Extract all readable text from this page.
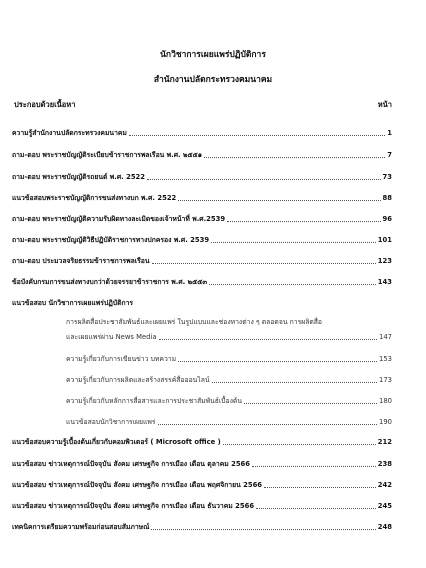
นักวิชาการเผยแพร่ปฏิบัติการ
สำนักงานปลัดกระทรวงคมนาคม
ประกอบด้วยเนื้อหา	หน้า
ความรู้สำนักงานปลัดกระทรวงคมนาคม	1
ถาม-ตอบ พระราชบัญญัติระเบียบข้าราชการพลเรือน พ.ศ. ๒๕๕๑	7
ถาม-ตอบ พระราชบัญญัติรถยนต์ พ.ศ. 2522	73
แนวข้อสอบพระราชบัญญัติการขนส่งทางบก พ.ศ. 2522	88
ถาม-ตอบ พระราชบัญญัติความรับผิดทางละเมิดของเจ้าหน้าที่ พ.ศ.2539	96
ถาม-ตอบ พระราชบัญญัติวิธีปฏิบัติราชการทางปกครอง พ.ศ. 2539	101
ถาม-ตอบ ประมวลจริยธรรมข้าราชการพลเรือน	123
ข้อบังคับกรมการขนส่งทางบกว่าด้วยจรรยาข้าราชการ พ.ศ. ๒๕๕๓	143
แนวข้อสอบ นักวิชาการเผยแพร่ปฏิบัติการ
การผลิตสื่อประชาสัมพันธ์และเผยแพร่ ในรูปแบบและช่องทางต่าง ๆ ตลอดจน การผลิตสื่อ
และเผยแพร่ผ่าน News Media	147
ความรู้เกี่ยวกับการเขียนข่าว บทความ	153
ความรู้เกี่ยวกับการผลิตและสร้างสรรค์สื่อออนไลน์	173
ความรู้เกี่ยวกับหลักการสื่อสารและการประชาสัมพันธ์เบื้องต้น	180
แนวข้อสอบนักวิชาการเผยแพร่	190
แนวข้อสอบความรู้เบื้องต้นเกี่ยวกับคอมพิวเตอร์ ( Microsoft office )	212
แนวข้อสอบ ข่าวเหตุการณ์ปัจจุบัน สังคม เศรษฐกิจ การเมือง เดือน ตุลาคม 2566	238
แนวข้อสอบ ข่าวเหตุการณ์ปัจจุบัน สังคม เศรษฐกิจ การเมือง เดือน พฤศจิกายน 2566	242
แนวข้อสอบ ข่าวเหตุการณ์ปัจจุบัน สังคม เศรษฐกิจ การเมือง เดือน ธันวาคม 2566	245
เทคนิคการเตรียมความพร้อมก่อนสอบสัมภาษณ์	248
